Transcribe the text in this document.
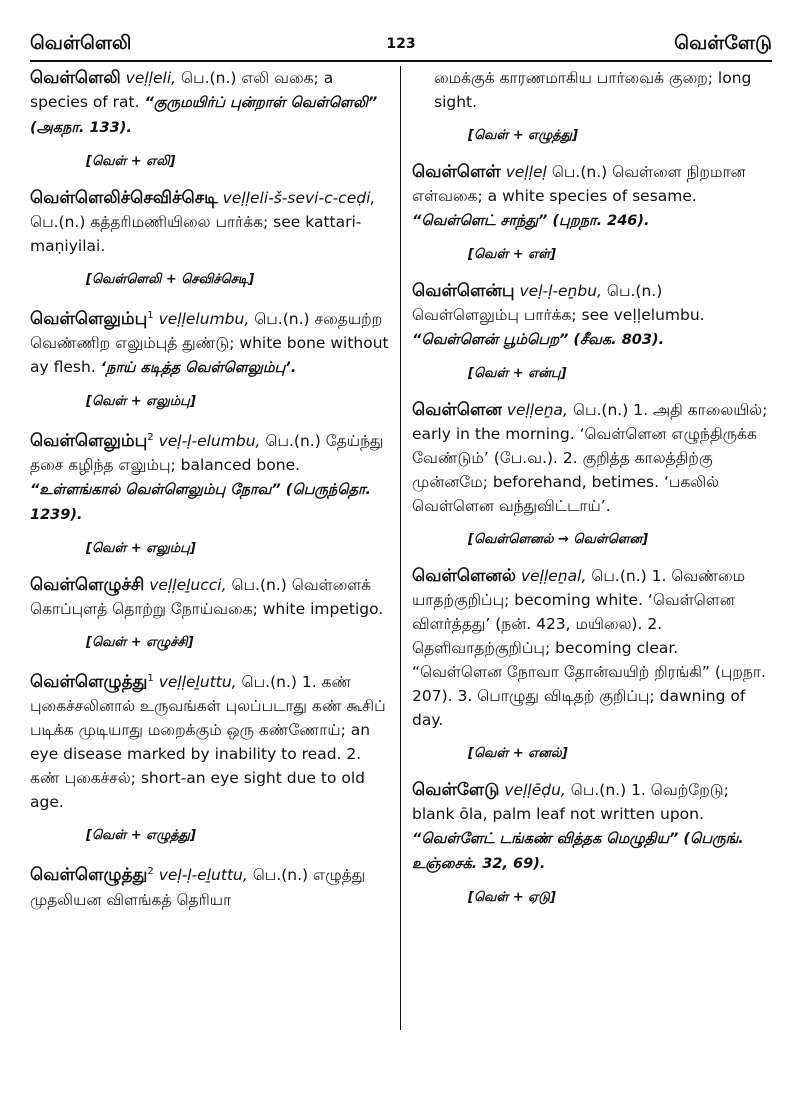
வெள்ளெலி	123	வெள்ளேடு
வெள்ளெலி veḷḷeli, பெ.(n.) எலி வகை; a species of rat. “குருமயிர்ப் புன்றாள் வெள்ளெலி” (அகநா. 133).
[வெள் + எலி]
வெள்ளெலிச்செவிச்செடி veḷḷeli-š-sevi-c-ceḍi, பெ.(n.) கத்தரிமணியிலை பார்க்க; see kattari-maṇiyilai.
[வெள்ளெலி + செவிச்செடி]
வெள்ளெலும்பு$^1$ veḷḷelumbu, பெ.(n.) சதையற்ற வெண்ணிற எலும்புத் துண்டு; white bone without ay flesh. ‘நாய் கடித்த வெள்ளெலும்பு’.
[வெள் + எலும்பு]
வெள்ளெலும்பு$^2$ veḷ-ḷ-elumbu, பெ.(n.) தேய்ந்து தசை கழிந்த எலும்பு; balanced bone. “உள்ளங்கால் வெள்ளெலும்பு நோவ” (பெருந்தொ. 1239).
[வெள் + எலும்பு]
வெள்ளெழுச்சி veḷḷeḻucci, பெ.(n.) வெள்ளைக் கொப்புளத் தொற்று நோய்வகை; white impetigo.
[வெள் + எழுச்சி]
வெள்ளெழுத்து$^1$ veḷḷeḻuttu, பெ.(n.) 1. கண் புகைச்சலினால் உருவங்கள் புலப்படாது கண் கூசிப் படிக்க முடியாது மறைக்கும் ஒரு கண்ணோய்; an eye disease marked by inability to read. 2. கண் புகைச்சல்; short-an eye sight due to old age.
[வெள் + எழுத்து]
வெள்ளெழுத்து$^2$ veḷ-ḷ-eḻuttu, பெ.(n.) எழுத்து முதலியன விளங்கத் தெரியா
மைக்குக் காரணமாகிய பார்வைக் குறை; long sight.
[வெள் + எழுத்து]
வெள்ளெள் veḷḷeḷ பெ.(n.) வெள்ளை நிறமான எள்வகை; a white species of sesame. “வெள்ளெட் சாந்து” (புறநா. 246).
[வெள் + எள்]
வெள்ளென்பு veḷ-ḷ-eṉbu, பெ.(n.) வெள்ளெலும்பு பார்க்க; see veḷḷelumbu. “வெள்ளென் பூம்பெற” (சீவக. 803).
[வெள் + என்பு]
வெள்ளென veḷḷeṉa, பெ.(n.) 1. அதி காலையில்; early in the morning. ‘வெள்ளென எழுந்திருக்க வேண்டும்’ (பே.வ.). 2. குறித்த காலத்திற்கு முன்னமே; beforehand, betimes. ‘பகலில் வெள்ளென வந்துவிட்டாய்’.
[வெள்ளெனல் → வெள்ளென]
வெள்ளெனல் veḷḷeṉal, பெ.(n.) 1. வெண்மை யாதற்குறிப்பு; becoming white. ‘வெள்ளென விளர்த்தது’ (நன். 423, மயிலை). 2. தெளிவாதற்குறிப்பு; becoming clear. “வெள்ளென நோவா தோன்வயிற் றிரங்கி” (புறநா. 207). 3. பொழுது விடிதற் குறிப்பு; dawning of day.
[வெள் + எனல்]
வெள்ளேடு veḷḷēḍu, பெ.(n.) 1. வெற்றேடு; blank ōla, palm leaf not written upon. “வெள்ளேட் டங்கண் வித்தக மெழுதிய” (பெருங். உஞ்சைக். 32, 69).
[வெள் + ஏடு]
